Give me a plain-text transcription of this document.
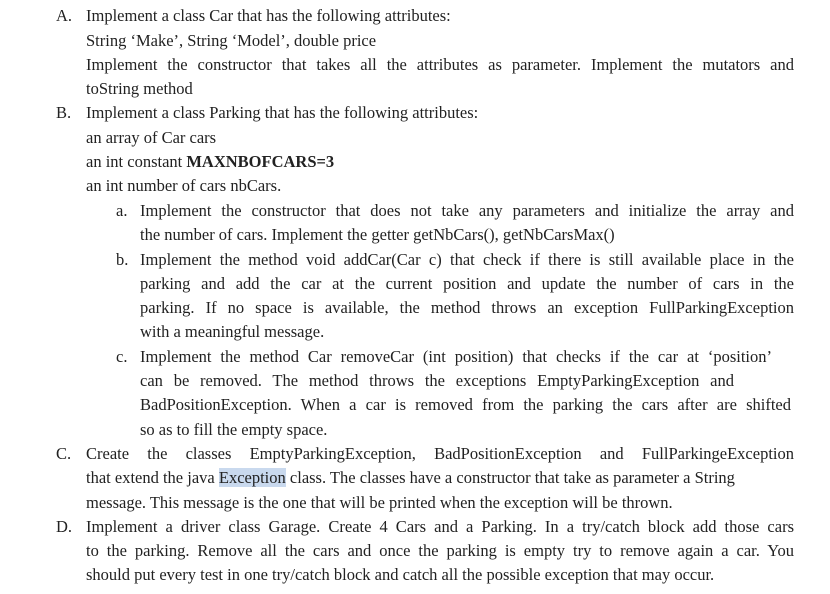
A. Implement a class Car that has the following attributes:
String ‘Make’, String ‘Model’, double price
Implement the constructor that takes all the attributes as parameter. Implement the mutators and
toString method
B. Implement a class Parking that has the following attributes:
an array of Car cars
an int constant MAXNBOFCARS=3
an int number of cars nbCars.
a. Implement the constructor that does not take any parameters and initialize the array and
the number of cars. Implement the getter getNbCars(), getNbCarsMax()
b. Implement the method void addCar(Car c) that check if there is still available place in the
parking and add the car at the current position and update the number of cars in the
parking. If no space is available, the method throws an exception FullParkingException
with a meaningful message.
c. Implement the method Car removeCar (int position) that checks if the car at ‘position’
can be removed. The method throws the exceptions EmptyParkingException and
BadPositionException. When a car is removed from the parking the cars after are shifted
so as to fill the empty space.
C. Create the classes EmptyParkingException, BadPositionException and FullParkingeException
that extend the java Exception class. The classes have a constructor that take as parameter a String
message. This message is the one that will be printed when the exception will be thrown.
D. Implement a driver class Garage. Create 4 Cars and a Parking. In a try/catch block add those cars
to the parking. Remove all the cars and once the parking is empty try to remove again a car. You
should put every test in one try/catch block and catch all the possible exception that may occur.
